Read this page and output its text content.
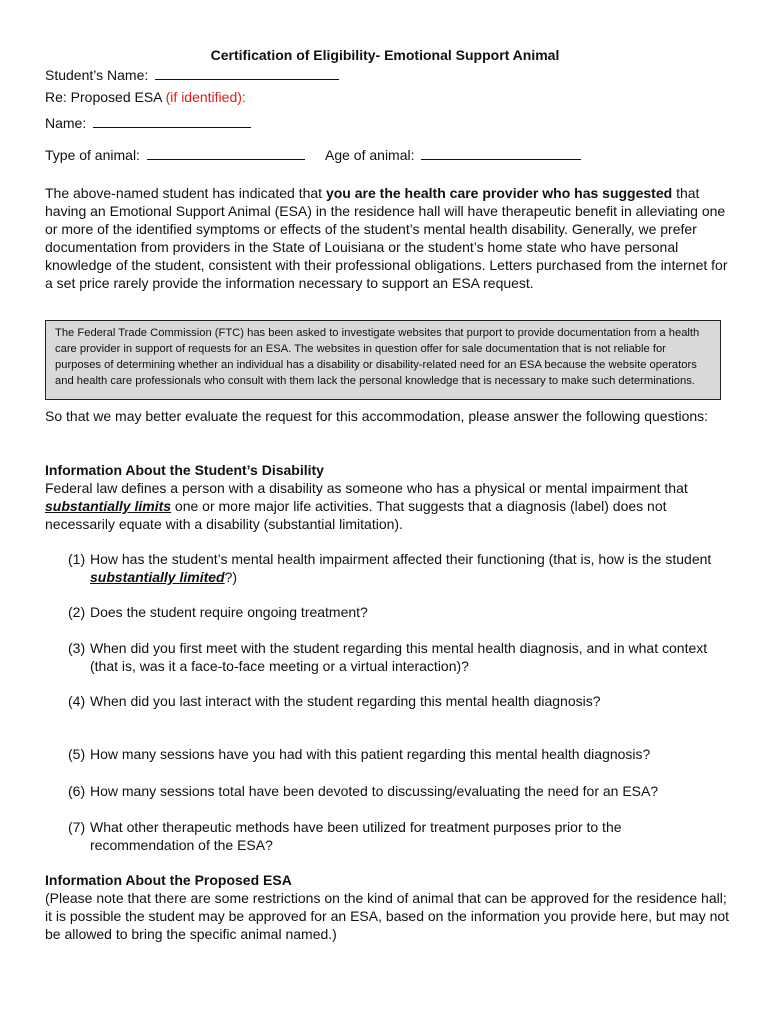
Certification of Eligibility- Emotional Support Animal
Student’s Name:
Re: Proposed ESA (if identified):
Name:
Type of animal:	Age of animal:
The above-named student has indicated that you are the health care provider who has suggested that having an Emotional Support Animal (ESA) in the residence hall will have therapeutic benefit in alleviating one or more of the identified symptoms or effects of the student’s mental health disability. Generally, we prefer documentation from providers in the State of Louisiana or the student’s home state who have personal knowledge of the student, consistent with their professional obligations. Letters purchased from the internet for a set price rarely provide the information necessary to support an ESA request.
The Federal Trade Commission (FTC) has been asked to investigate websites that purport to provide documentation from a health care provider in support of requests for an ESA. The websites in question offer for sale documentation that is not reliable for purposes of determining whether an individual has a disability or disability-related need for an ESA because the website operators and health care professionals who consult with them lack the personal knowledge that is necessary to make such determinations.
So that we may better evaluate the request for this accommodation, please answer the following questions:

Information About the Student’s Disability

Federal law defines a person with a disability as someone who has a physical or mental impairment that substantially limits one or more major life activities. That suggests that a diagnosis (label) does not necessarily equate with a disability (substantial limitation).

(1) How has the student’s mental health impairment affected their functioning (that is, how is the student substantially limited?)
(2) Does the student require ongoing treatment?
(3) When did you first meet with the student regarding this mental health diagnosis, and in what context (that is, was it a face-to-face meeting or a virtual interaction)?
(4) When did you last interact with the student regarding this mental health diagnosis?
(5) How many sessions have you had with this patient regarding this mental health diagnosis?
(6) How many sessions total have been devoted to discussing/evaluating the need for an ESA?
(7) What other therapeutic methods have been utilized for treatment purposes prior to the recommendation of the ESA?

Information About the Proposed ESA

(Please note that there are some restrictions on the kind of animal that can be approved for the residence hall; it is possible the student may be approved for an ESA, based on the information you provide here, but may not be allowed to bring the specific animal named.)
